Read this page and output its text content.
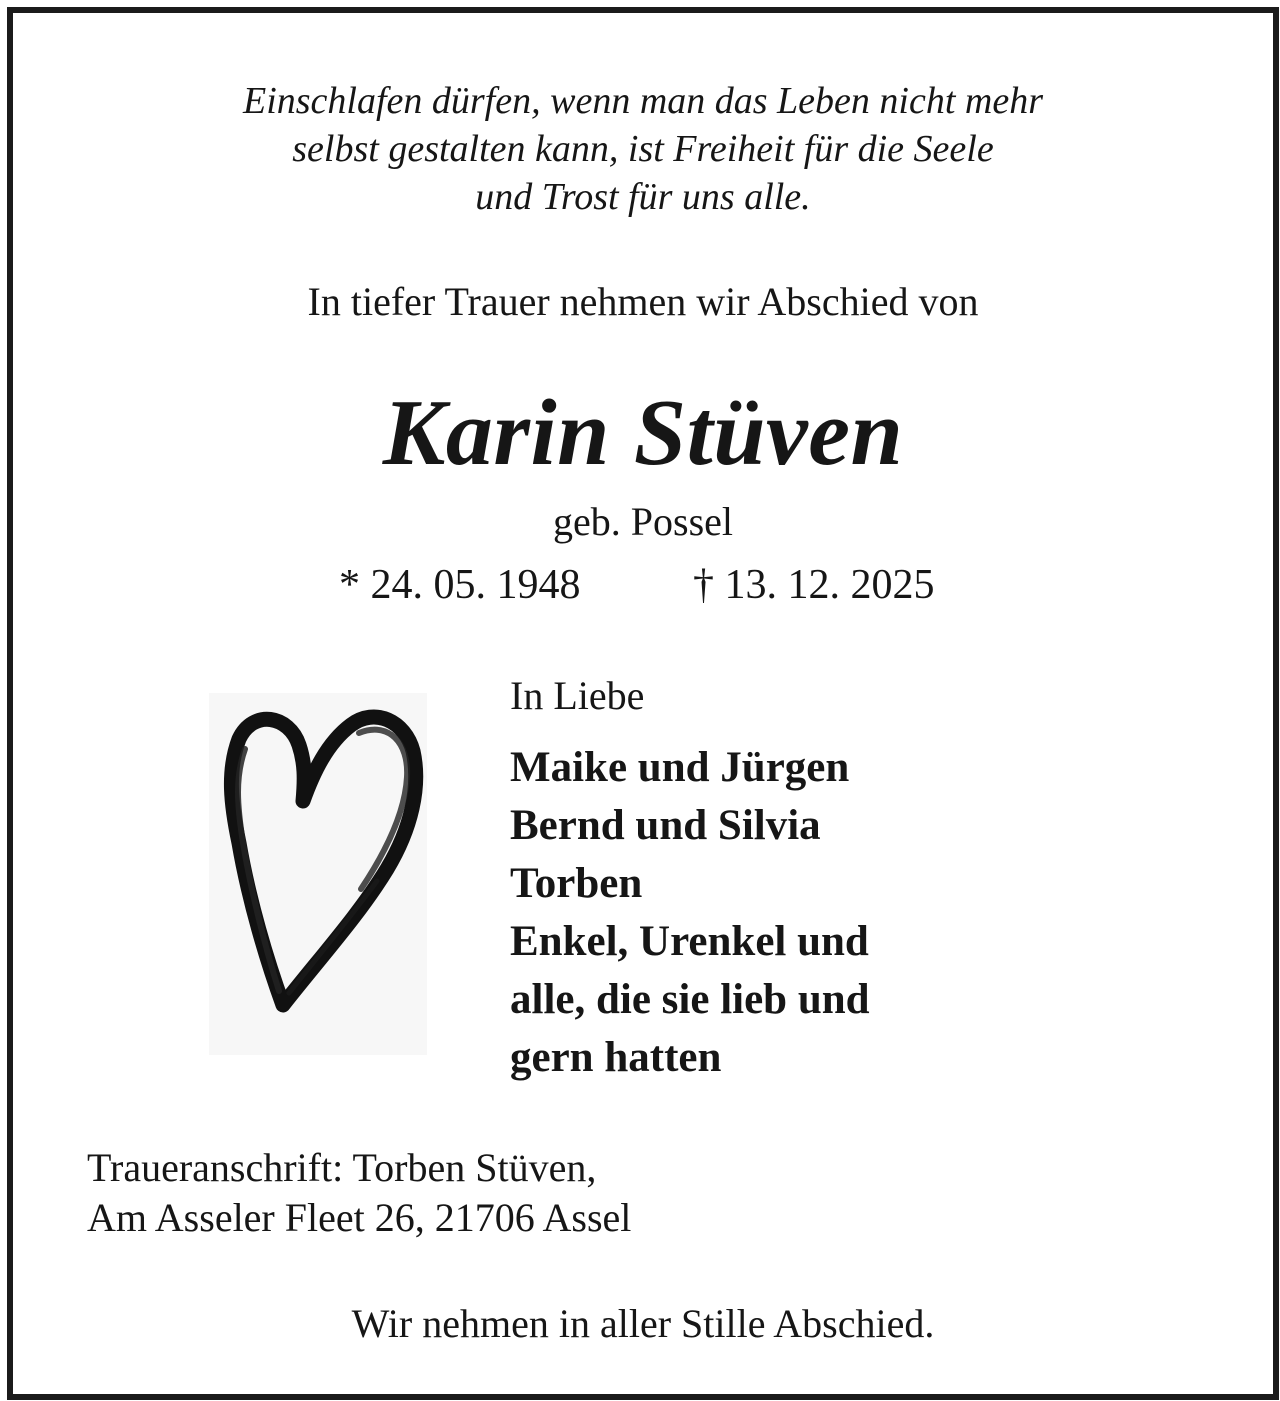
Einschlafen dürfen, wenn man das Leben nicht mehr
selbst gestalten kann, ist Freiheit für die Seele
und Trost für uns alle.
In tiefer Trauer nehmen wir Abschied von
Karin Stüven
geb. Possel
* 24. 05. 1948	† 13. 12. 2025
In Liebe
Maike und Jürgen
Bernd und Silvia
Torben
Enkel, Urenkel und
alle, die sie lieb und
gern hatten
Traueranschrift: Torben Stüven,
Am Asseler Fleet 26, 21706 Assel
Wir nehmen in aller Stille Abschied.
